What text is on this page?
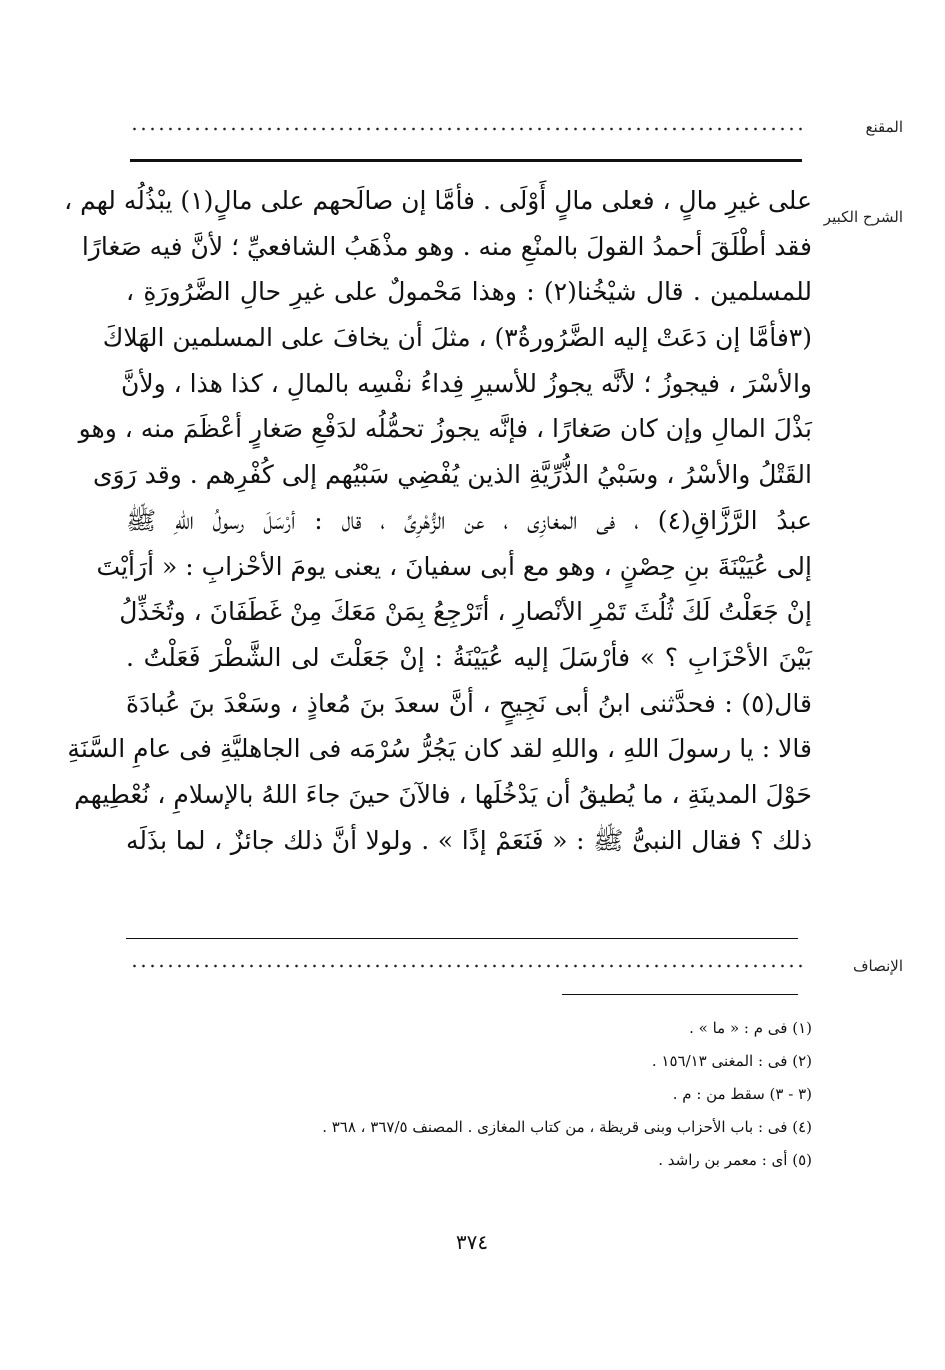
المقنع
الشرح الكبير
على غيرِ مالٍ ، فعلى مالٍ أَوْلَى . فأمَّا إن صالَحهم على مالٍ(١) يبْذُلُه لهم ،
فقد أطْلَقَ أحمدُ القولَ بالمنْعِ منه . وهو مذْهَبُ الشافعيِّ ؛ لأنَّ فيه صَغارًا
للمسلمين . قال شيْخُنا(٢) : وهذا مَحْمولٌ على غيرِ حالِ الضَّرُورَةِ ،
(٣فأمَّا إن دَعَتْ إليه الضَّرُورةُ٣) ، مثلَ أن يخافَ على المسلمين الهَلاكَ
والأسْرَ ، فيجوزُ ؛ لأنَّه يجوزُ للأسيرِ فِداءُ نفْسِه بالمالِ ، كذا هذا ، ولأنَّ
بَذْلَ المالِ وإن كان صَغارًا ، فإنَّه يجوزُ تحمُّلُه لدَفْعِ صَغارٍ أعْظَمَ منه ، وهو
القَتْلُ والأسْرُ ، وسَبْيُ الذُّرِّيَّةِ الذين يُفْضِي سَبْيُهم إلى كُفْرِهم . وقد رَوَى
عبدُ الرَّزَّاقِ(٤) ، فى المغازِى ، عن الزُّهْرِىِّ ، قال : أرْسَلَ رسولُ اللهِ ﷺ
إلى عُيَيْنَةَ بنِ حِصْنٍ ، وهو مع أبى سفيانَ ، يعنى يومَ الأحْزابِ : « أرَأيْتَ
إنْ جَعَلْتُ لَكَ ثُلُثَ تَمْرِ الأنْصارِ ، أتَرْجِعُ بِمَنْ مَعَكَ مِنْ غَطَفَانَ ، وتُخَذِّلُ
بَيْنَ الأحْزَابِ ؟ » فأرْسَلَ إليه عُيَيْنَةُ : إنْ جَعَلْتَ لى الشَّطْرَ فَعَلْتُ .
قال(٥) : فحدَّثنى ابنُ أبى نَجِيحٍ ، أنَّ سعدَ بنَ مُعاذٍ ، وسَعْدَ بنَ عُبادَةَ
قالا : يا رسولَ اللهِ ، واللهِ لقد كان يَجُرُّ سُرْمَه فى الجاهليَّةِ فى عامِ السَّنَةِ
حَوْلَ المدينَةِ ، ما يُطيقُ أن يَدْخُلَها ، فالآنَ حينَ جاءَ اللهُ بالإسلامِ ، نُعْطِيهم
ذلك ؟ فقال النبىُّ ﷺ : « فَنَعَمْ إذًا » . ولولا أنَّ ذلك جائزٌ ، لما بذَلَه
الإنصاف
(١) فى م : « ما » .
(٢) فى : المغنى ١٥٦/١٣ .
(٣ - ٣) سقط من : م .
(٤) فى : باب الأحزاب وبنى قريظة ، من كتاب المغازى . المصنف ٣٦٧/٥ ، ٣٦٨ .
(٥) أى : معمر بن راشد .
٣٧٤
